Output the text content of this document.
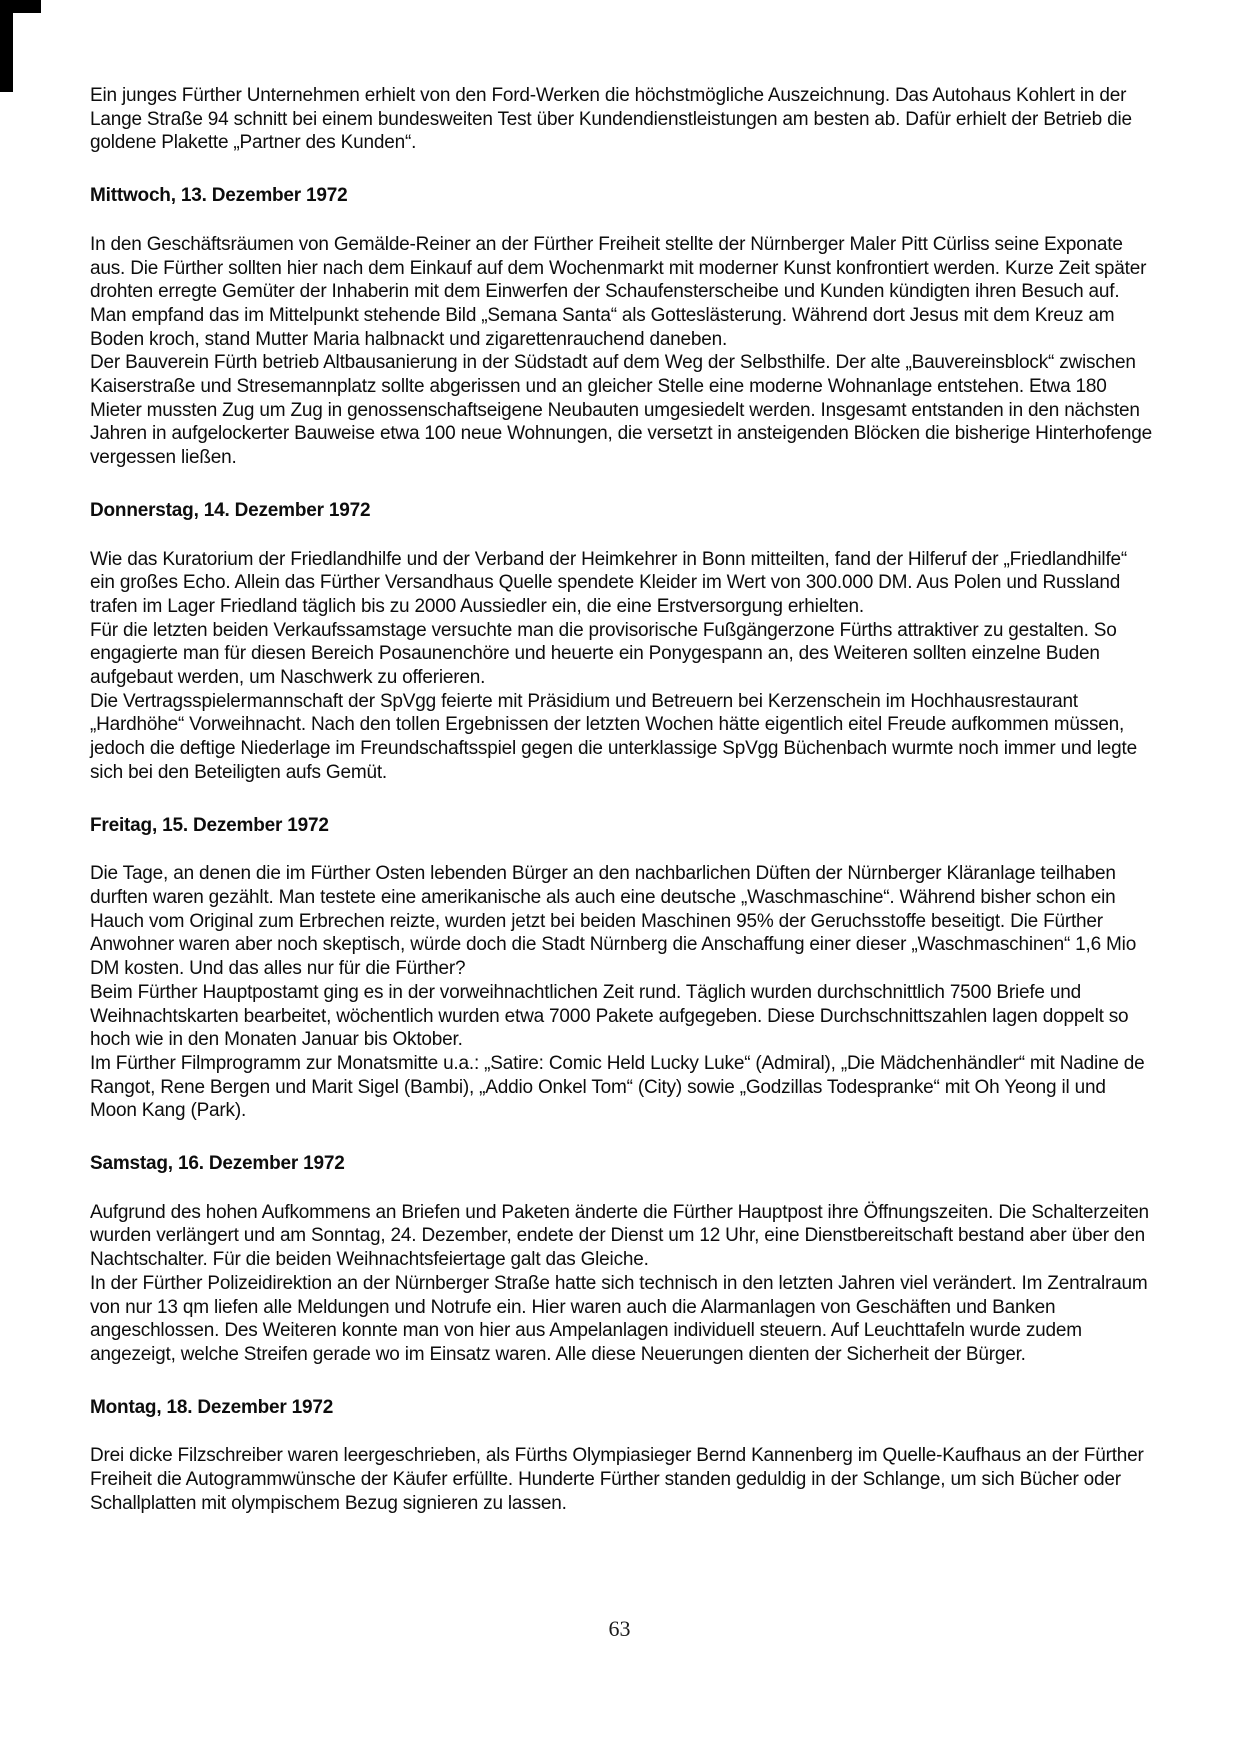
Ein junges Fürther Unternehmen erhielt von den Ford-Werken die höchstmögliche Auszeichnung. Das Autohaus Kohlert in der Lange Straße 94 schnitt bei einem bundesweiten Test über Kundendienstleistungen am besten ab. Dafür erhielt der Betrieb die goldene Plakette „Partner des Kunden“.

Mittwoch, 13. Dezember 1972

In den Geschäftsräumen von Gemälde-Reiner an der Fürther Freiheit stellte der Nürnberger Maler Pitt Cürliss seine Exponate aus. Die Fürther sollten hier nach dem Einkauf auf dem Wochenmarkt mit moderner Kunst konfrontiert werden. Kurze Zeit später drohten erregte Gemüter der Inhaberin mit dem Einwerfen der Schaufensterscheibe und Kunden kündigten ihren Besuch auf. Man empfand das im Mittelpunkt stehende Bild „Semana Santa“ als Gotteslästerung. Während dort Jesus mit dem Kreuz am Boden kroch, stand Mutter Maria halbnackt und zigarettenrauchend daneben.

Der Bauverein Fürth betrieb Altbausanierung in der Südstadt auf dem Weg der Selbsthilfe. Der alte „Bauvereinsblock“ zwischen Kaiserstraße und Stresemannplatz sollte abgerissen und an gleicher Stelle eine moderne Wohnanlage entstehen. Etwa 180 Mieter mussten Zug um Zug in genossenschaftseigene Neubauten umgesiedelt werden. Insgesamt entstanden in den nächsten Jahren in aufgelockerter Bauweise etwa 100 neue Wohnungen, die versetzt in ansteigenden Blöcken die bisherige Hinterhofenge vergessen ließen.

Donnerstag, 14. Dezember 1972

Wie das Kuratorium der Friedlandhilfe und der Verband der Heimkehrer in Bonn mitteilten, fand der Hilferuf der „Friedlandhilfe“ ein großes Echo. Allein das Fürther Versandhaus Quelle spendete Kleider im Wert von 300.000 DM. Aus Polen und Russland trafen im Lager Friedland täglich bis zu 2000 Aussiedler ein, die eine Erstversorgung erhielten.

Für die letzten beiden Verkaufssamstage versuchte man die provisorische Fußgängerzone Fürths attraktiver zu gestalten. So engagierte man für diesen Bereich Posaunenchöre und heuerte ein Ponygespann an, des Weiteren sollten einzelne Buden aufgebaut werden, um Naschwerk zu offerieren.

Die Vertragsspielermannschaft der SpVgg feierte mit Präsidium und Betreuern bei Kerzenschein im Hochhausrestaurant „Hardhöhe“ Vorweihnacht. Nach den tollen Ergebnissen der letzten Wochen hätte eigentlich eitel Freude aufkommen müssen, jedoch die deftige Niederlage im Freundschaftsspiel gegen die unterklassige SpVgg Büchenbach wurmte noch immer und legte sich bei den Beteiligten aufs Gemüt.

Freitag, 15. Dezember 1972

Die Tage, an denen die im Fürther Osten lebenden Bürger an den nachbarlichen Düften der Nürnberger Kläranlage teilhaben durften waren gezählt. Man testete eine amerikanische als auch eine deutsche „Waschmaschine“. Während bisher schon ein Hauch vom Original zum Erbrechen reizte, wurden jetzt bei beiden Maschinen 95% der Geruchsstoffe beseitigt. Die Fürther Anwohner waren aber noch skeptisch, würde doch die Stadt Nürnberg die Anschaffung einer dieser „Waschmaschinen“ 1,6 Mio DM kosten. Und das alles nur für die Fürther?

Beim Fürther Hauptpostamt ging es in der vorweihnachtlichen Zeit rund. Täglich wurden durchschnittlich 7500 Briefe und Weihnachtskarten bearbeitet, wöchentlich wurden etwa 7000 Pakete aufgegeben. Diese Durchschnittszahlen lagen doppelt so hoch wie in den Monaten Januar bis Oktober.

Im Fürther Filmprogramm zur Monatsmitte u.a.: „Satire: Comic Held Lucky Luke“ (Admiral), „Die Mädchenhändler“ mit Nadine de Rangot, Rene Bergen und Marit Sigel (Bambi), „Addio Onkel Tom“ (City) sowie „Godzillas Todespranke“ mit Oh Yeong il und Moon Kang (Park).

Samstag, 16. Dezember 1972

Aufgrund des hohen Aufkommens an Briefen und Paketen änderte die Fürther Hauptpost ihre Öffnungszeiten. Die Schalterzeiten wurden verlängert und am Sonntag, 24. Dezember, endete der Dienst um 12 Uhr, eine Dienstbereitschaft bestand aber über den Nachtschalter. Für die beiden Weihnachtsfeiertage galt das Gleiche.

In der Fürther Polizeidirektion an der Nürnberger Straße hatte sich technisch in den letzten Jahren viel verändert. Im Zentralraum von nur 13 qm liefen alle Meldungen und Notrufe ein. Hier waren auch die Alarmanlagen von Geschäften und Banken angeschlossen. Des Weiteren konnte man von hier aus Ampelanlagen individuell steuern. Auf Leuchttafeln wurde zudem angezeigt, welche Streifen gerade wo im Einsatz waren. Alle diese Neuerungen dienten der Sicherheit der Bürger.

Montag, 18. Dezember 1972

Drei dicke Filzschreiber waren leergeschrieben, als Fürths Olympiasieger Bernd Kannenberg im Quelle-Kaufhaus an der Fürther Freiheit die Autogrammwünsche der Käufer erfüllte. Hunderte Fürther standen geduldig in der Schlange, um sich Bücher oder Schallplatten mit olympischem Bezug signieren zu lassen.

63
